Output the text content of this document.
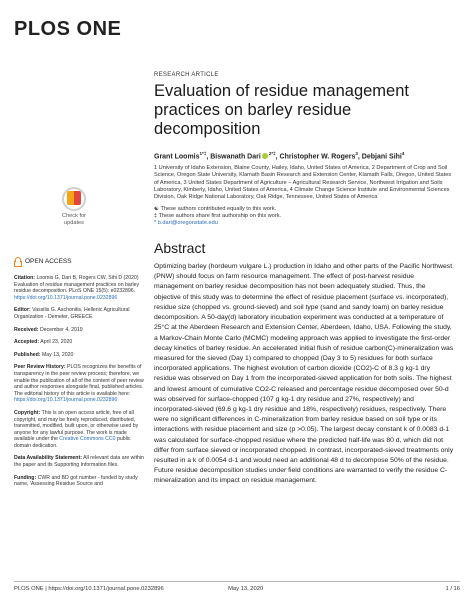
PLOS ONE
Check for
updates
OPEN ACCESS

Citation: Loomis G, Dari B, Rogers CW, Sihi D (2020) Evaluation of residue management practices on barley residue decomposition. PLoS ONE 15(5): e0232896. https://doi.org/10.1371/journal.pone.0232896

Editor: Vassilis G. Aschonitis, Hellenic Agricultural Organization - Demeter, GREECE

Received: December 4, 2019

Accepted: April 23, 2020

Published: May 13, 2020

Peer Review History: PLOS recognizes the benefits of transparency in the peer review process; therefore, we enable the publication of all of the content of peer review and author responses alongside final, published articles. The editorial history of this article is available here: https://doi.org/10.1371/journal.pone.0232896

Copyright: This is an open access article, free of all copyright, and may be freely reproduced, distributed, transmitted, modified, built upon, or otherwise used by anyone for any lawful purpose. The work is made available under the Creative Commons CC0 public domain dedication.

Data Availability Statement: All relevant data are within the paper and its Supporting Information files.

Funding: CWR and BD got number - funded by study name, 'Assessing Residue Source and

RESEARCH ARTICLE
Evaluation of residue management practices on barley residue decomposition
Grant Loomis$^{1*\ddagger}$, Biswanath Dari $^{2*\ddagger}$, Christopher W. Rogers$^3$, Debjani Sihi$^4$
1 University of Idaho Extension, Blaine County, Hailey, Idaho, United States of America, 2 Department of Crop and Soil Science, Oregon State University, Klamath Basin Research and Extension Center, Klamath Falls, Oregon, United States of America, 3 United States Department of Agriculture – Agricultural Research Service, Northwest Irrigation and Soils Laboratory, Kimberly, Idaho, United States of America, 4 Climate Change Science Institute and Environmental Sciences Division, Oak Ridge National Laboratory, Oak Ridge, Tennessee, United States of America
☯ These authors contributed equally to this work.
‡ These authors share first authorship on this work.
* b.dari@oregonstate.edu
Abstract
Optimizing barley (hordeum vulgare L.) production in Idaho and other parts of the Pacific Northwest (PNW) should focus on farm resource management. The effect of post-harvest residue management on barley residue decomposition has not been adequately studied. Thus, the objective of this study was to determine the effect of residue placement (surface vs. incorporated), residue size (chopped vs. ground-sieved) and soil type (sand and sandy loam) on barley residue decomposition. A 50-day(d) laboratory incubation experiment was conducted at a temperature of 25°C at the Aberdeen Research and Extension Center, Aberdeen, Idaho, USA. Following the study, a Markov-Chain Monte Carlo (MCMC) modeling approach was applied to investigate the first-order decay kinetics of barley residue. An accelerated initial flush of residue carbon(C)-mineralization was measured for the sieved (Day 1) compared to chopped (Day 3 to 5) residues for both surface incorporated applications. The highest evolution of carbon dioxide (CO2)-C of 8.3 g kg-1 dry residue was observed on Day 1 from the incorporated-sieved application for both soils. The highest and lowest amount of cumulative CO2-C released and percentage residue decomposed over 50-d was observed for surface-chopped (107 g kg-1 dry residue and 27%, respectively) and incorporated-sieved (69.6 g kg-1 dry residue and 18%, respectively) residues, respectively. There were no significant differences in C-mineralization from barley residue based on soil type or its interactions with residue placement and size (p >0.05). The largest decay constant k of 0.0083 d-1 was calculated for surface-chopped residue where the predicted half-life was 80 d, which did not differ from surface sieved or incorporated chopped. In contrast, incorporated-sieved treatments only resulted in a k of 0.0054 d-1 and would need an additional 48 d to decompose 50% of the residue. Future residue decomposition studies under field conditions are warranted to verify the residue C-mineralization and its impact on residue management.
PLOS ONE | https://doi.org/10.1371/journal.pone.0232896	May 13, 2020	1 / 16
